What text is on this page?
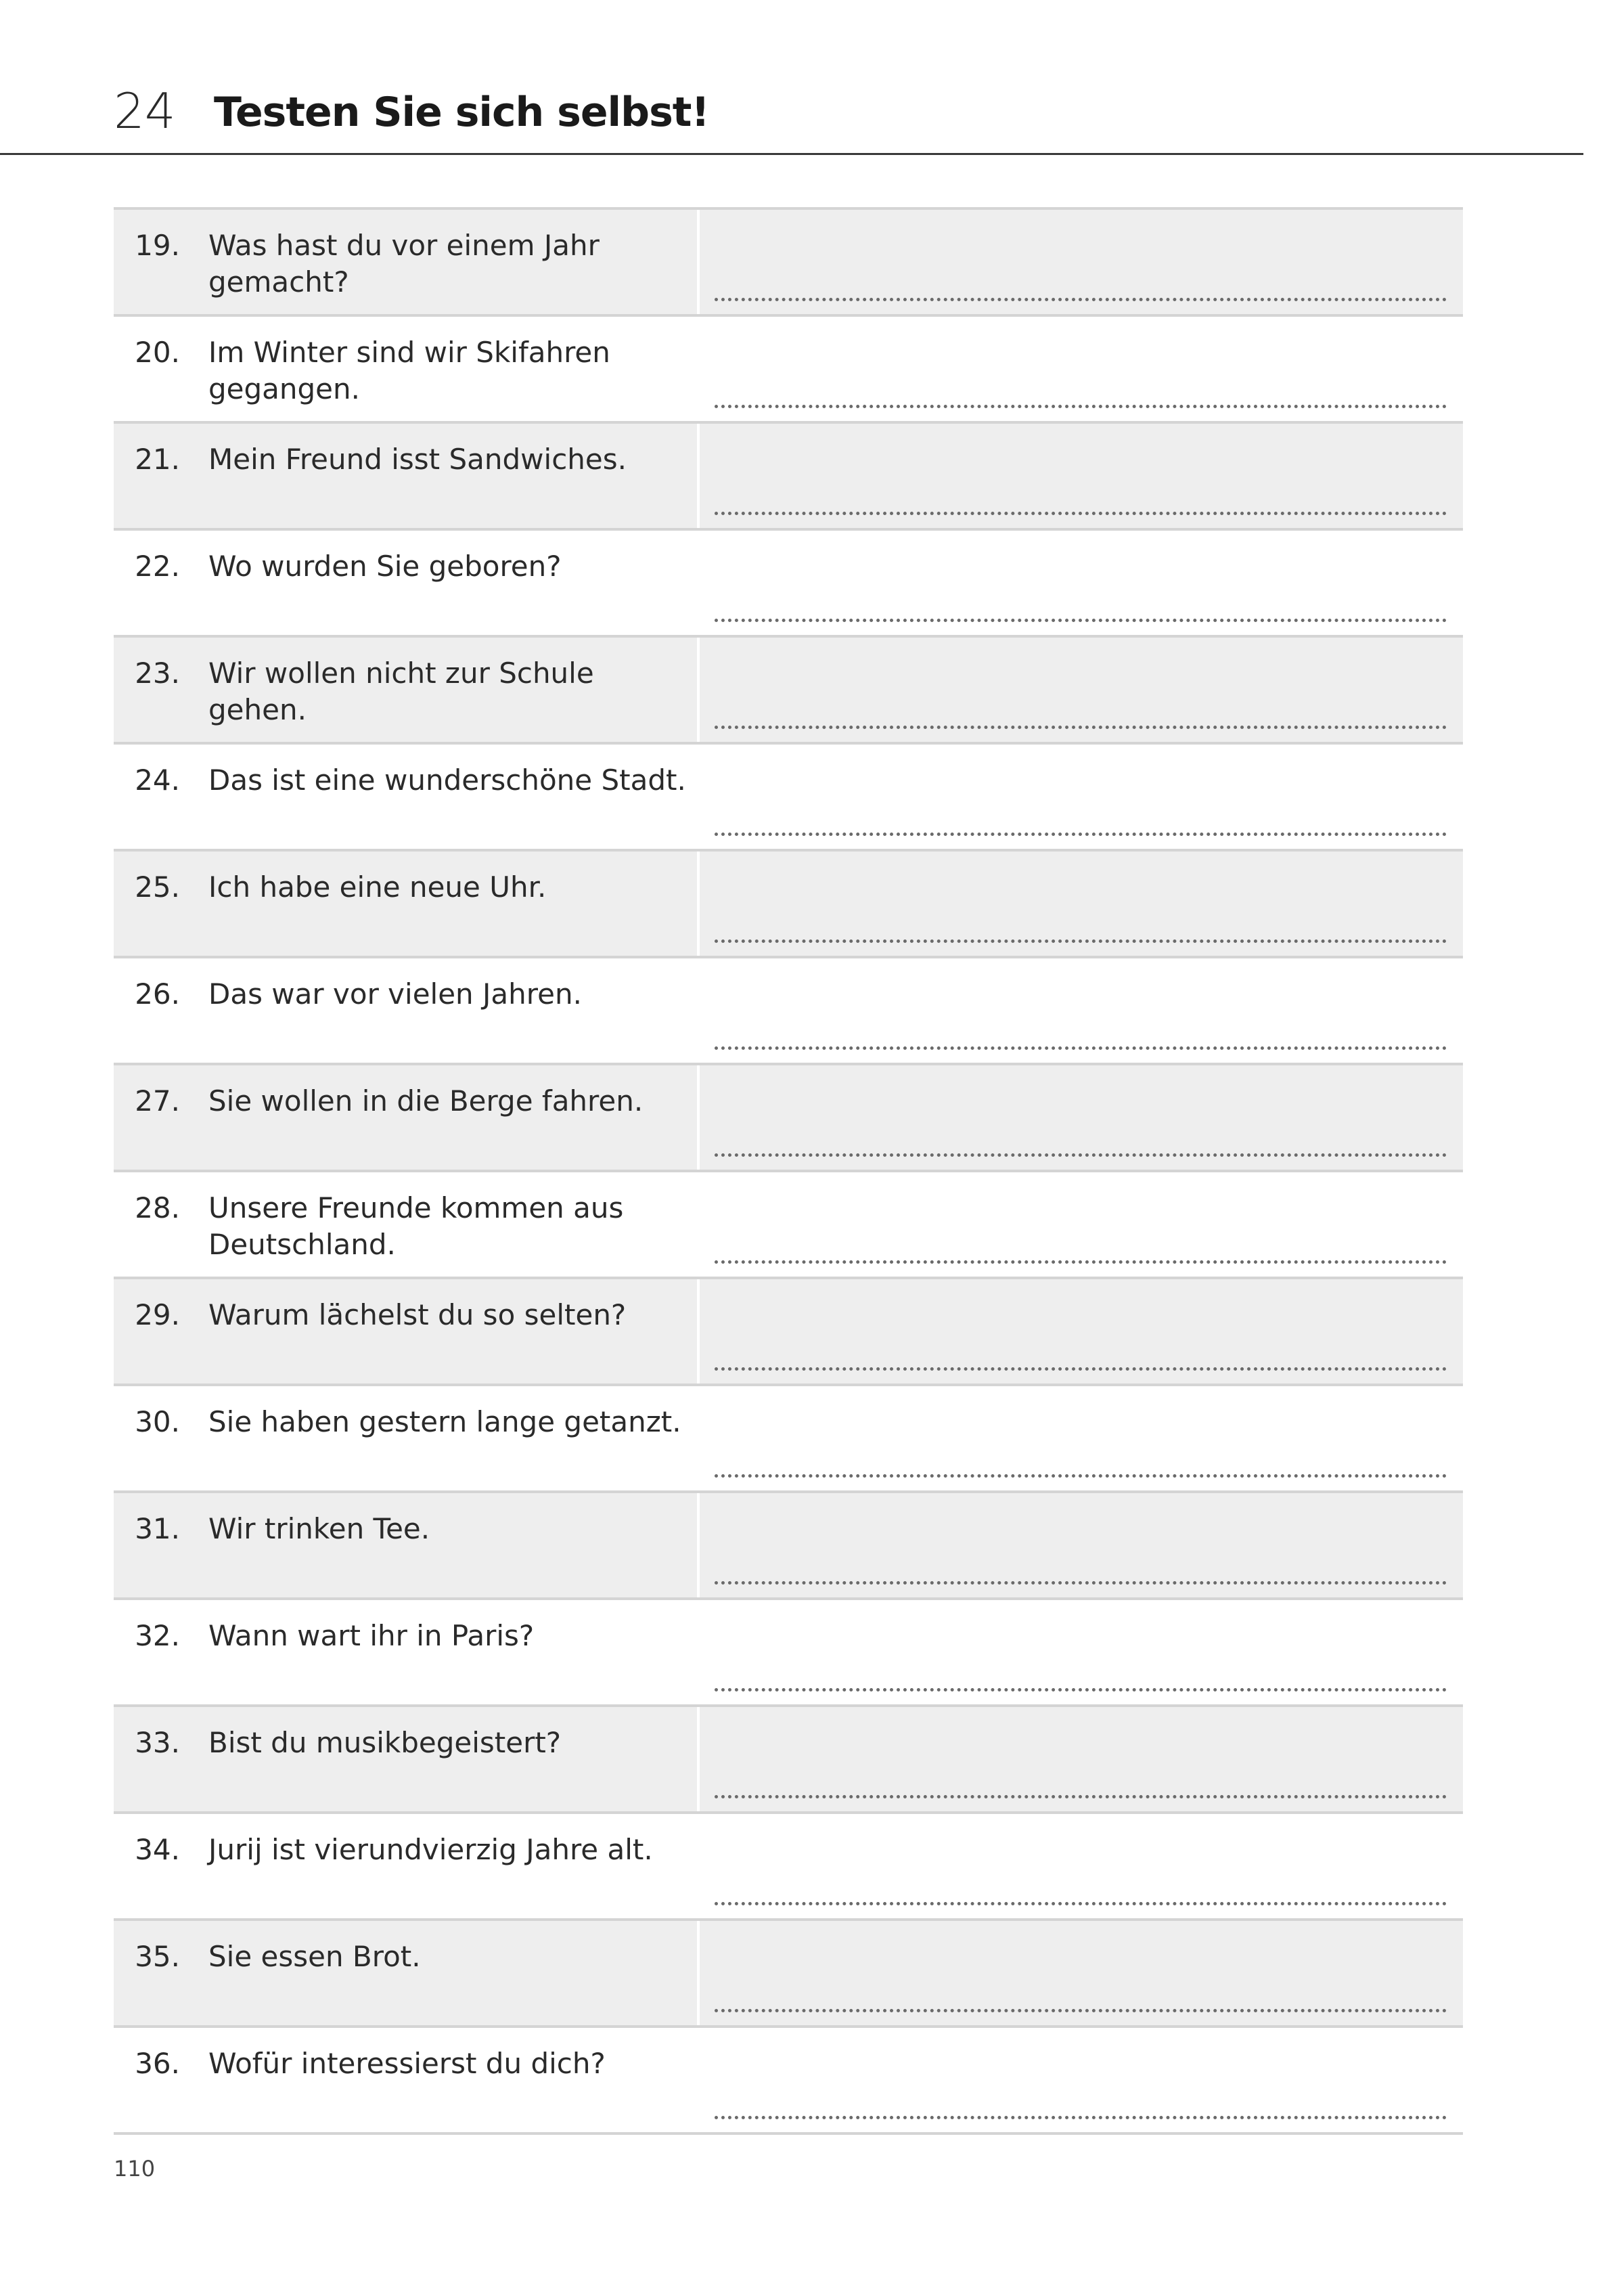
24 Testen Sie sich selbst!
19. Was hast du vor einem Jahr gemacht?
20. Im Winter sind wir Skifahren gegangen.
21. Mein Freund isst Sandwiches.
22. Wo wurden Sie geboren?
23. Wir wollen nicht zur Schule gehen.
24. Das ist eine wunderschöne Stadt.
25. Ich habe eine neue Uhr.
26. Das war vor vielen Jahren.
27. Sie wollen in die Berge fahren.
28. Unsere Freunde kommen aus Deutschland.
29. Warum lächelst du so selten?
30. Sie haben gestern lange getanzt.
31. Wir trinken Tee.
32. Wann wart ihr in Paris?
33. Bist du musikbegeistert?
34. Jurij ist vierundvierzig Jahre alt.
35. Sie essen Brot.
36. Wofür interessierst du dich?
110
